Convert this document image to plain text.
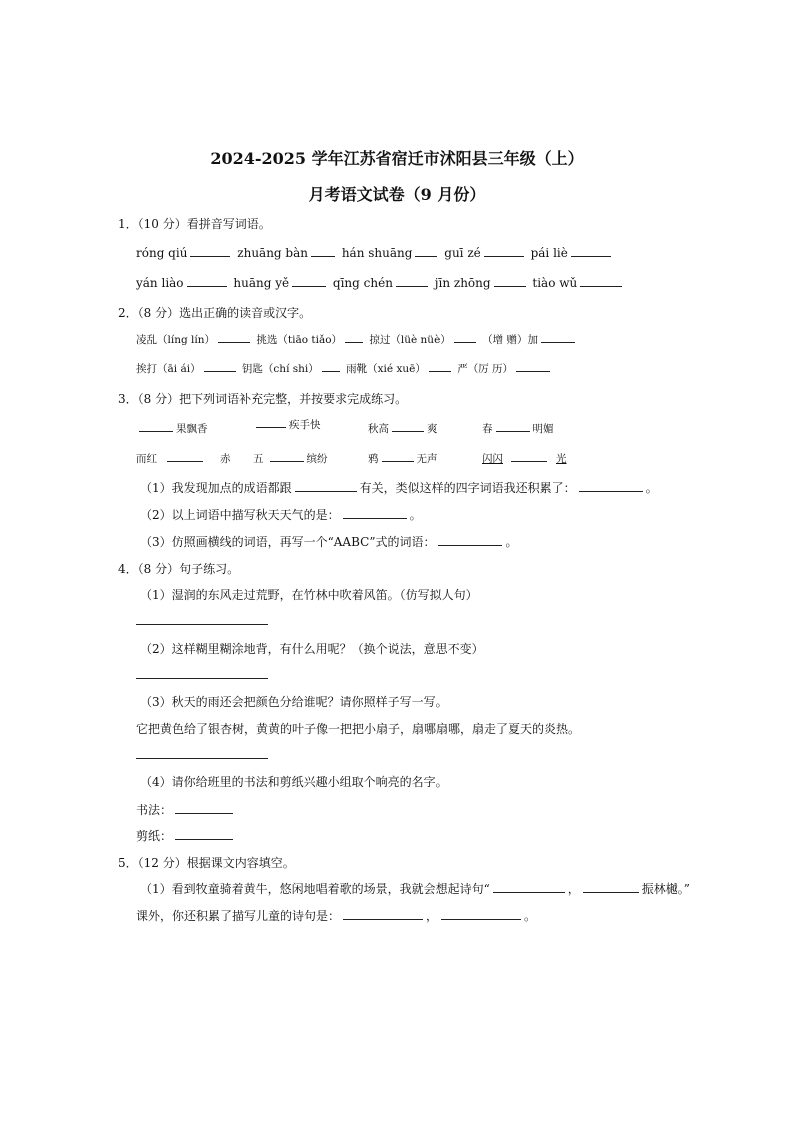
2024-2025 学年江苏省宿迁市沭阳县三年级（上）
月考语文试卷（9 月份）
1．（10 分）看拼音写词语。
róng qiú	zhuāng bàn	hán shuāng	guī zé	pái liè
yán liào	huāng yě	qīng chén	jīn zhōng	tiào wǔ
2．（8 分）选出正确的读音或汉字。
凌乱（líng lín）	挑选（tiāo tiǎo）	掠过（lüè nüè）	（增 赠）加
挨打（āi ái）	钥匙（chí shi）	雨靴（xié xuē）	严（厉 历）
3．（8 分）把下列词语补充完整，并按要求完成练习。
果飘香	疾手快	秋高	爽	春	明媚
而红	赤 五	缤纷	鸦	无声	闪闪	光
（1）我发现加点的成语都跟	有关，类似这样的四字词语我还积累了：	。
（2）以上词语中描写秋天天气的是：	。
（3）仿照画横线的词语，再写一个“AABC”式的词语：	。
4．（8 分）句子练习。
（1）湿润的东风走过荒野，在竹林中吹着风笛。（仿写拟人句）
（2）这样糊里糊涂地背，有什么用呢？（换个说法，意思不变）
（3）秋天的雨还会把颜色分给谁呢？请你照样子写一写。
它把黄色给了银杏树，黄黄的叶子像一把把小扇子，扇哪扇哪，扇走了夏天的炎热。
（4）请你给班里的书法和剪纸兴趣小组取个响亮的名字。
书法：
剪纸：
5．（12 分）根据课文内容填空。
（1）看到牧童骑着黄牛，悠闲地唱着歌的场景，我就会想起诗句“	，	振林樾。”
课外，你还积累了描写儿童的诗句是：	，	。
